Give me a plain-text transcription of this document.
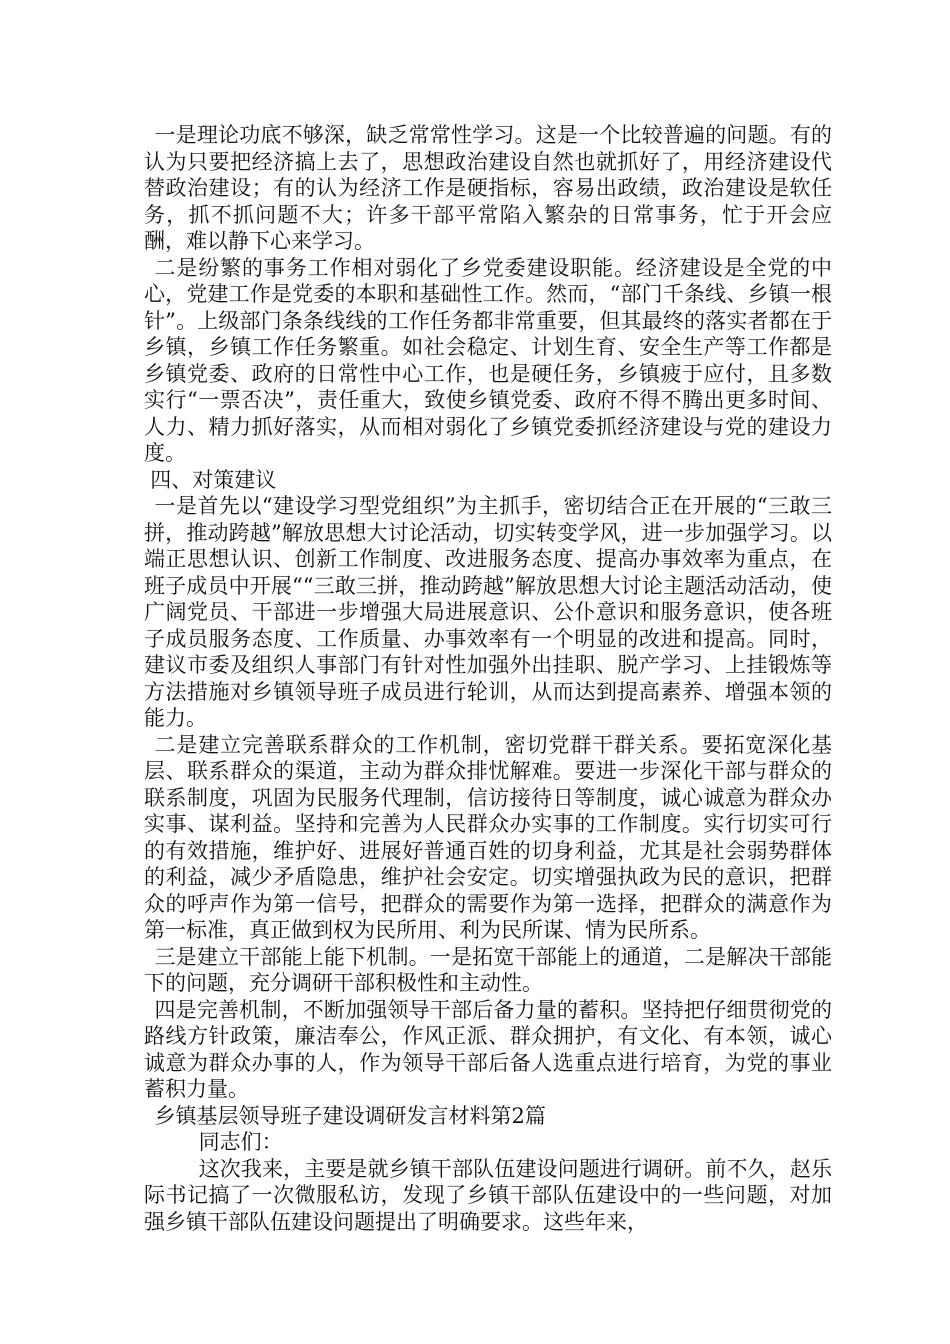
一是理论功底不够深，缺乏常常性学习。这是一个比较普遍的问题。有的认为只要把经济搞上去了，思想政治建设自然也就抓好了，用经济建设代替政治建设；有的认为经济工作是硬指标，容易出政绩，政治建设是软任务，抓不抓问题不大；许多干部平常陷入繁杂的日常事务，忙于开会应酬，难以静下心来学习。

二是纷繁的事务工作相对弱化了乡党委建设职能。经济建设是全党的中心，党建工作是党委的本职和基础性工作。然而，“部门千条线、乡镇一根针”。上级部门条条线线的工作任务都非常重要，但其最终的落实者都在于乡镇，乡镇工作任务繁重。如社会稳定、计划生育、安全生产等工作都是乡镇党委、政府的日常性中心工作，也是硬任务，乡镇疲于应付，且多数实行“一票否决”，责任重大，致使乡镇党委、政府不得不腾出更多时间、人力、精力抓好落实，从而相对弱化了乡镇党委抓经济建设与党的建设力度。

四、对策建议

一是首先以“建设学习型党组织”为主抓手，密切结合正在开展的“三敢三拼，推动跨越”解放思想大讨论活动，切实转变学风，进一步加强学习。以端正思想认识、创新工作制度、改进服务态度、提高办事效率为重点，在班子成员中开展““三敢三拼，推动跨越”解放思想大讨论主题活动活动，使广阔党员、干部进一步增强大局进展意识、公仆意识和服务意识，使各班子成员服务态度、工作质量、办事效率有一个明显的改进和提高。同时，建议市委及组织人事部门有针对性加强外出挂职、脱产学习、上挂锻炼等方法措施对乡镇领导班子成员进行轮训，从而达到提高素养、增强本领的能力。

二是建立完善联系群众的工作机制，密切党群干群关系。要拓宽深化基层、联系群众的渠道，主动为群众排忧解难。要进一步深化干部与群众的联系制度，巩固为民服务代理制，信访接待日等制度，诚心诚意为群众办实事、谋利益。坚持和完善为人民群众办实事的工作制度。实行切实可行的有效措施，维护好、进展好普通百姓的切身利益，尤其是社会弱势群体的利益，减少矛盾隐患，维护社会安定。切实增强执政为民的意识，把群众的呼声作为第一信号，把群众的需要作为第一选择，把群众的满意作为第一标准，真正做到权为民所用、利为民所谋、情为民所系。

三是建立干部能上能下机制。一是拓宽干部能上的通道，二是解决干部能下的问题，充分调研干部积极性和主动性。

四是完善机制，不断加强领导干部后备力量的蓄积。坚持把仔细贯彻党的路线方针政策，廉洁奉公，作风正派、群众拥护，有文化、有本领，诚心诚意为群众办事的人，作为领导干部后备人选重点进行培育，为党的事业蓄积力量。

乡镇基层领导班子建设调研发言材料第2篇

同志们：

这次我来，主要是就乡镇干部队伍建设问题进行调研。前不久，赵乐际书记搞了一次微服私访，发现了乡镇干部队伍建设中的一些问题，对加强乡镇干部队伍建设问题提出了明确要求。这些年来，
